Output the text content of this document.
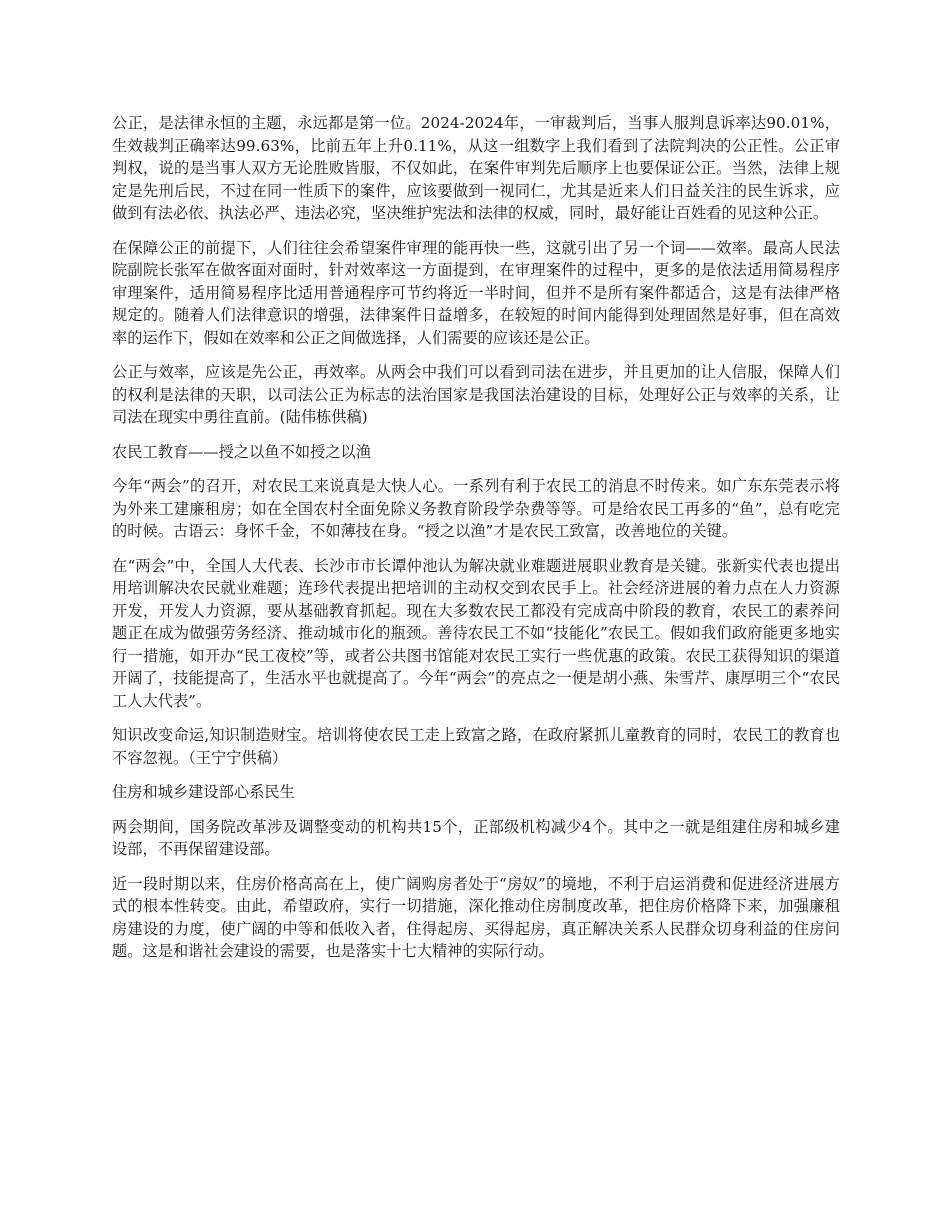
公正，是法律永恒的主题，永远都是第一位。2024-2024年，一审裁判后，当事人服判息诉率达90.01%，生效裁判正确率达99.63%，比前五年上升0.11%，从这一组数字上我们看到了法院判决的公正性。公正审判权，说的是当事人双方无论胜败皆服，不仅如此，在案件审判先后顺序上也要保证公正。当然，法律上规定是先刑后民，不过在同一性质下的案件，应该要做到一视同仁，尤其是近来人们日益关注的民生诉求，应做到有法必依、执法必严、违法必究，坚决维护宪法和法律的权威，同时，最好能让百姓看的见这种公正。

在保障公正的前提下，人们往往会希望案件审理的能再快一些，这就引出了另一个词——效率。最高人民法院副院长张军在做客面对面时，针对效率这一方面提到，在审理案件的过程中，更多的是依法适用简易程序审理案件，适用简易程序比适用普通程序可节约将近一半时间，但并不是所有案件都适合，这是有法律严格规定的。随着人们法律意识的增强，法律案件日益增多，在较短的时间内能得到处理固然是好事，但在高效率的运作下，假如在效率和公正之间做选择，人们需要的应该还是公正。

公正与效率，应该是先公正，再效率。从两会中我们可以看到司法在进步，并且更加的让人信服，保障人们的权利是法律的天职，以司法公正为标志的法治国家是我国法治建设的目标，处理好公正与效率的关系，让司法在现实中勇往直前。(陆伟栋供稿)

农民工教育——授之以鱼不如授之以渔

今年“两会”的召开，对农民工来说真是大快人心。一系列有利于农民工的消息不时传来。如广东东莞表示将为外来工建廉租房；如在全国农村全面免除义务教育阶段学杂费等等。可是给农民工再多的“鱼”，总有吃完的时候。古语云：身怀千金，不如薄技在身。“授之以渔”才是农民工致富，改善地位的关键。

在“两会”中，全国人大代表、长沙市市长谭仲池认为解决就业难题进展职业教育是关键。张新实代表也提出用培训解决农民就业难题；连珍代表提出把培训的主动权交到农民手上。社会经济进展的着力点在人力资源开发，开发人力资源，要从基础教育抓起。现在大多数农民工都没有完成高中阶段的教育，农民工的素养问题正在成为做强劳务经济、推动城市化的瓶颈。善待农民工不如“技能化”农民工。假如我们政府能更多地实行一措施，如开办“民工夜校”等，或者公共图书馆能对农民工实行一些优惠的政策。农民工获得知识的渠道开阔了，技能提高了，生活水平也就提高了。今年“两会”的亮点之一便是胡小燕、朱雪芹、康厚明三个“农民工人大代表”。

知识改变命运,知识制造财宝。培训将使农民工走上致富之路，在政府紧抓儿童教育的同时，农民工的教育也不容忽视。（王宁宁供稿）

住房和城乡建设部心系民生

两会期间，国务院改革涉及调整变动的机构共15个，正部级机构减少4个。其中之一就是组建住房和城乡建设部，不再保留建设部。

近一段时期以来，住房价格高高在上，使广阔购房者处于“房奴”的境地，不利于启运消费和促进经济进展方式的根本性转变。由此，希望政府，实行一切措施，深化推动住房制度改革，把住房价格降下来，加强廉租房建设的力度，使广阔的中等和低收入者，住得起房、买得起房，真正解决关系人民群众切身利益的住房问题。这是和谐社会建设的需要，也是落实十七大精神的实际行动。
